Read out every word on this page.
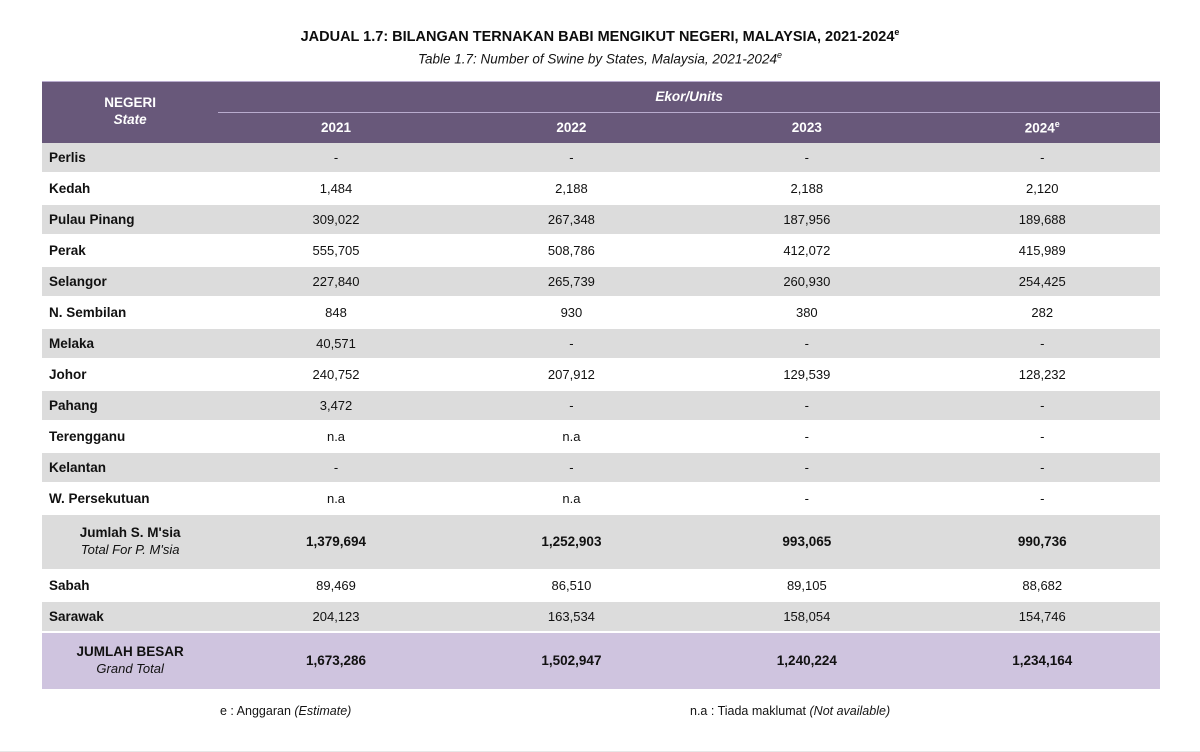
JADUAL 1.7: BILANGAN TERNAKAN BABI MENGIKUT NEGERI, MALAYSIA, 2021-2024e
Table 1.7: Number of Swine by States, Malaysia, 2021-2024e
NEGERI
State	Ekor/Units			
	2021	2022	2023	2024e
Perlis	-	-	-	-
Kedah	1,484	2,188	2,188	2,120
Pulau Pinang	309,022	267,348	187,956	189,688
Perak	555,705	508,786	412,072	415,989
Selangor	227,840	265,739	260,930	254,425
N. Sembilan	848	930	380	282
Melaka	40,571	-	-	-
Johor	240,752	207,912	129,539	128,232
Pahang	3,472	-	-	-
Terengganu	n.a	n.a	-	-
Kelantan	-	-	-	-
W. Persekutuan	n.a	n.a	-	-

Jumlah S. M'sia
Total For P. M'sia	1,379,694	1,252,903	993,065	990,736
Sabah	89,469	86,510	89,105	88,682
Sarawak	204,123	163,534	158,054	154,746

JUMLAH BESAR
Grand Total	1,673,286	1,502,947	1,240,224	1,234,164
e : Anggaran (Estimate)	n.a : Tiada maklumat (Not available)
